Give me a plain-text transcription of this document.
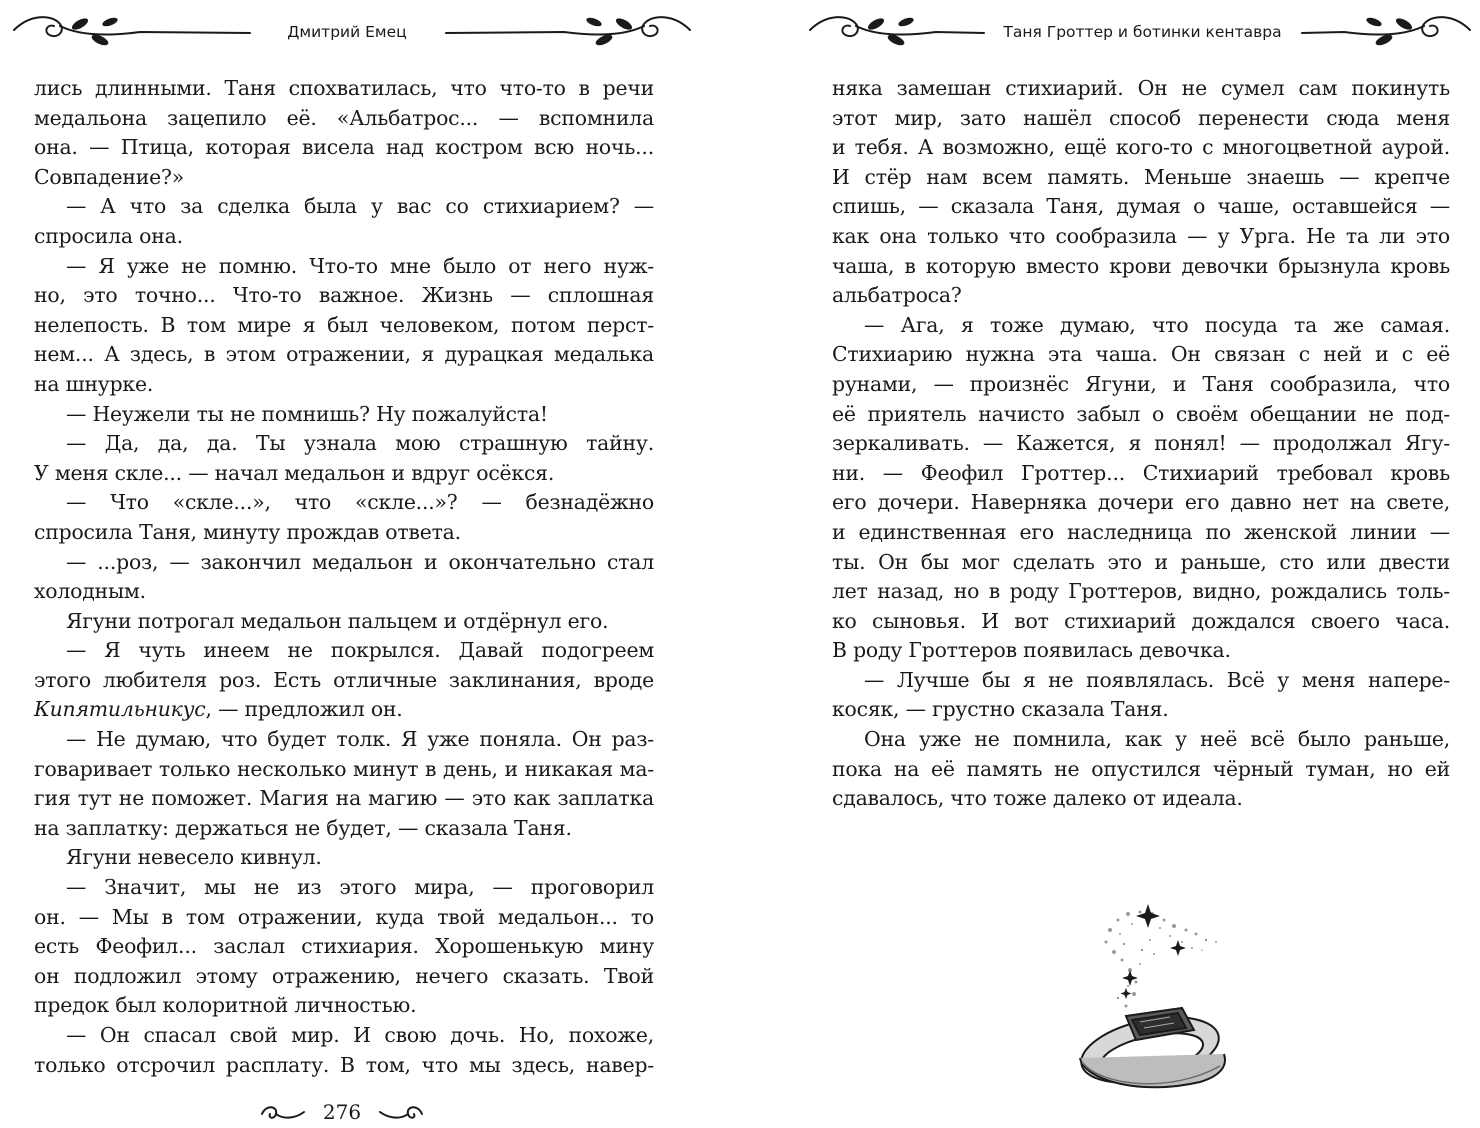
Дмитрий Емец
лись длинными. Таня спохватилась, что что-то в речи
медальона зацепило её. «Альбатрос... — вспомнила
она. — Птица, которая висела над костром всю ночь...
Совпадение?»
— А что за сделка была у вас со стихиарием? —
спросила она.
— Я уже не помню. Что-то мне было от него нуж-
но, это точно... Что-то важное. Жизнь — сплошная
нелепость. В том мире я был человеком, потом перст-
нем... А здесь, в этом отражении, я дурацкая медалька
на шнурке.
— Неужели ты не помнишь? Ну пожалуйста!
— Да, да, да. Ты узнала мою страшную тайну.
У меня скле... — начал медальон и вдруг осёкся.
— Что «скле...», что «скле...»? — безнадёжно
спросила Таня, минуту прождав ответа.
— ...роз, — закончил медальон и окончательно стал
холодным.
Ягуни потрогал медальон пальцем и отдёрнул его.
— Я чуть инеем не покрылся. Давай подогреем
этого любителя роз. Есть отличные заклинания, вроде
Кипятильникус, — предложил он.
— Не думаю, что будет толк. Я уже поняла. Он раз-
говаривает только несколько минут в день, и никакая ма-
гия тут не поможет. Магия на магию — это как заплатка
на заплатку: держаться не будет, — сказала Таня.
Ягуни невесело кивнул.
— Значит, мы не из этого мира, — проговорил
он. — Мы в том отражении, куда твой медальон... то
есть Феофил... заслал стихиария. Хорошенькую мину
он подложил этому отражению, нечего сказать. Твой
предок был колоритной личностью.
— Он спасал свой мир. И свою дочь. Но, похоже,
только отсрочил расплату. В том, что мы здесь, навер-
276
Таня Гроттер и ботинки кентавра
няка замешан стихиарий. Он не сумел сам покинуть
этот мир, зато нашёл способ перенести сюда меня
и тебя. А возможно, ещё кого-то с многоцветной аурой.
И стёр нам всем память. Меньше знаешь — крепче
спишь, — сказала Таня, думая о чаше, оставшейся —
как она только что сообразила — у Урга. Не та ли это
чаша, в которую вместо крови девочки брызнула кровь
альбатроса?
— Ага, я тоже думаю, что посуда та же самая.
Стихиарию нужна эта чаша. Он связан с ней и с её
рунами, — произнёс Ягуни, и Таня сообразила, что
её приятель начисто забыл о своём обещании не под-
зеркаливать. — Кажется, я понял! — продолжал Ягу-
ни. — Феофил Гроттер... Стихиарий требовал кровь
его дочери. Наверняка дочери его давно нет на свете,
и единственная его наследница по женской линии —
ты. Он бы мог сделать это и раньше, сто или двести
лет назад, но в роду Гроттеров, видно, рождались толь-
ко сыновья. И вот стихиарий дождался своего часа.
В роду Гроттеров появилась девочка.
— Лучше бы я не появлялась. Всё у меня напере-
косяк, — грустно сказала Таня.
Она уже не помнила, как у неё всё было раньше,
пока на её память не опустился чёрный туман, но ей
сдавалось, что тоже далеко от идеала.
